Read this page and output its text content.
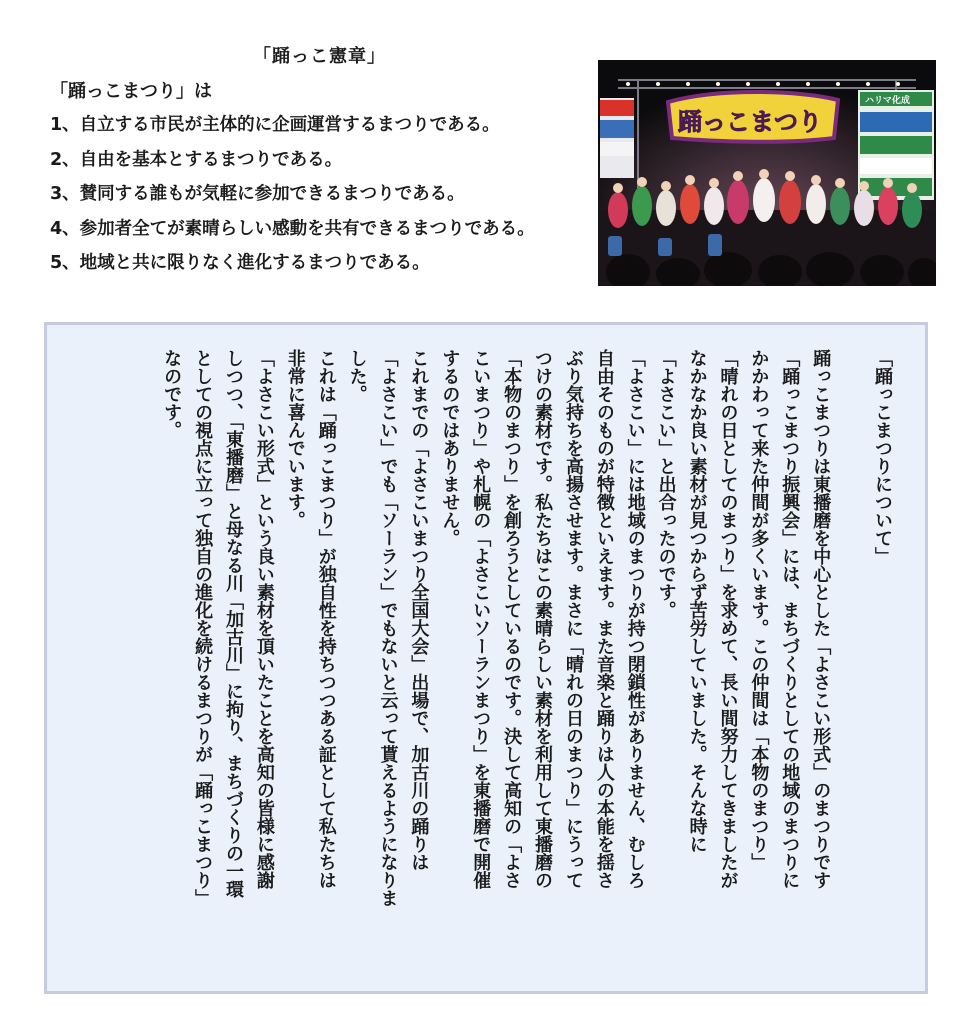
「踊っこ憲章」
「踊っこまつり」は
1、自立する市民が主体的に企画運営するまつりである。
2、自由を基本とするまつりである。
3、賛同する誰もが気軽に参加できるまつりである。
4、参加者全てが素晴らしい感動を共有できるまつりである。
5、地域と共に限りなく進化するまつりである。
ハリマ化成
踊っこまつり

「踊っこまつりについて」

踊っこまつりは東播磨を中心とした「よさこい形式」のまつりです

「踊っこまつり振興会」には、まちづくりとしての地域のまつりに

かかわって来た仲間が多くいます。この仲間は「本物のまつり」

「晴れの日としてのまつり」を求めて、長い間努力してきましたが

なかなか良い素材が見つからず苦労していました。そんな時に

「よさこい」と出合ったのです。

「よさこい」には地域のまつりが持つ閉鎖性がありません、むしろ

自由そのものが特徴といえます。また音楽と踊りは人の本能を揺さ

ぶり気持ちを高揚させます。まさに「晴れの日のまつり」にうって

つけの素材です。私たちはこの素晴らしい素材を利用して東播磨の

「本物のまつり」を創ろうとしているのです。決して高知の「よさ

こいまつり」や札幌の「よさこいソーランまつり」を東播磨で開催

するのではありません。

これまでの「よさこいまつり全国大会」出場で、加古川の踊りは

「よさこい」でも「ソーラン」でもないと云って貰えるようになりま

した。

これは「踊っこまつり」が独自性を持ちつつある証として私たちは

非常に喜んでいます。

「よさこい形式」という良い素材を頂いたことを高知の皆様に感謝

しつつ、「東播磨」と母なる川「加古川」に拘り、まちづくりの一環

としての視点に立って独自の進化を続けるまつりが「踊っこまつり」

なのです。
